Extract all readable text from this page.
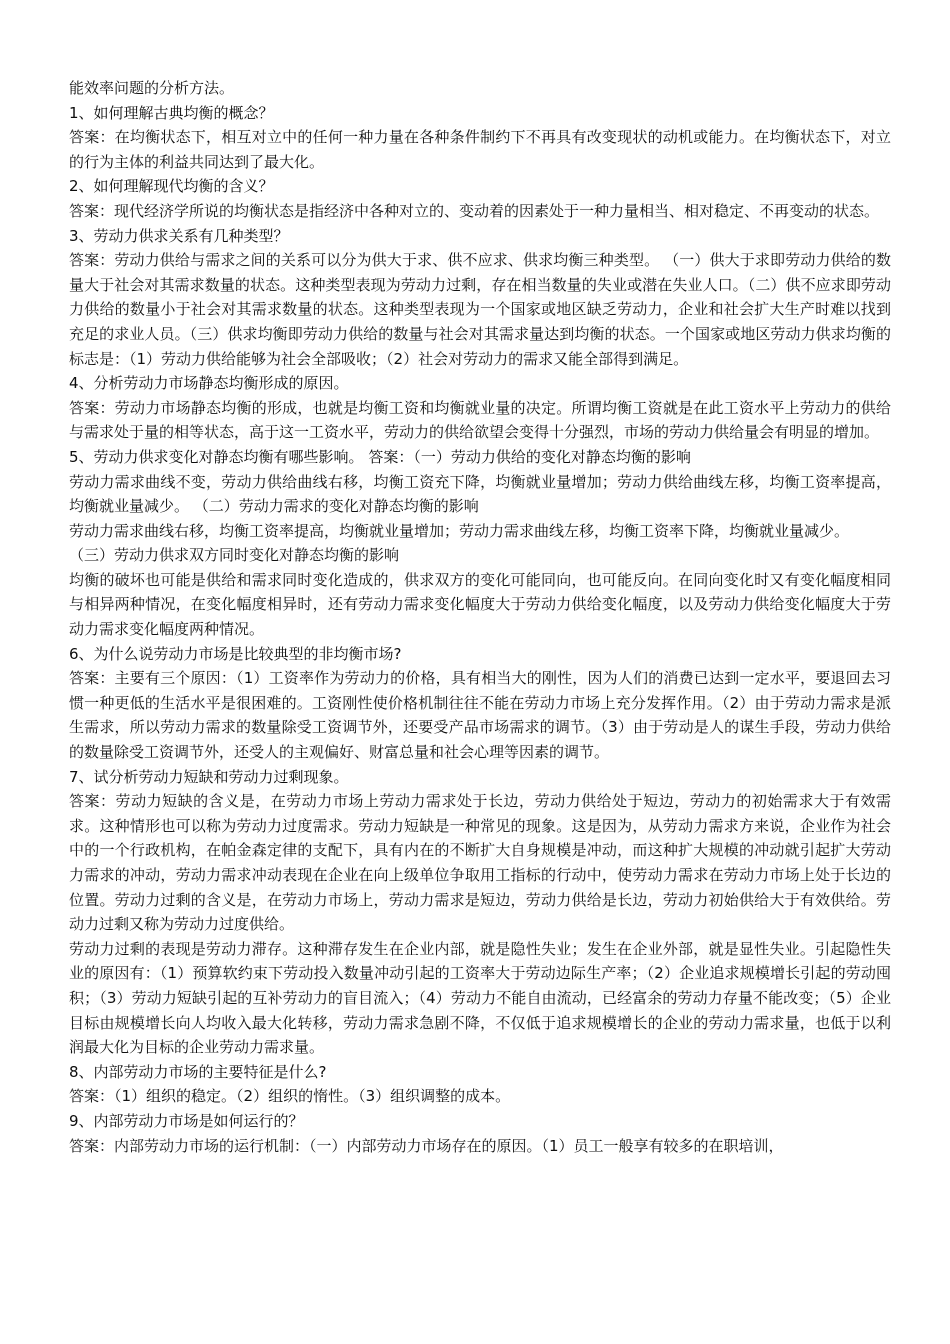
能效率问题的分析方法。

1、如何理解古典均衡的概念？

答案：在均衡状态下，相互对立中的任何一种力量在各种条件制约下不再具有改变现状的动机或能力。在均衡状态下，对立的行为主体的利益共同达到了最大化。

2、如何理解现代均衡的含义？

答案：现代经济学所说的均衡状态是指经济中各种对立的、变动着的因素处于一种力量相当、相对稳定、不再变动的状态。

3、劳动力供求关系有几种类型？

答案：劳动力供给与需求之间的关系可以分为供大于求、供不应求、供求均衡三种类型。 （一）供大于求即劳动力供给的数量大于社会对其需求数量的状态。这种类型表现为劳动力过剩，存在相当数量的失业或潜在失业人口。（二）供不应求即劳动力供给的数量小于社会对其需求数量的状态。这种类型表现为一个国家或地区缺乏劳动力，企业和社会扩大生产时难以找到充足的求业人员。（三）供求均衡即劳动力供给的数量与社会对其需求量达到均衡的状态。一个国家或地区劳动力供求均衡的标志是：（1）劳动力供给能够为社会全部吸收；（2）社会对劳动力的需求又能全部得到满足。

4、分析劳动力市场静态均衡形成的原因。

答案：劳动力市场静态均衡的形成，也就是均衡工资和均衡就业量的决定。所谓均衡工资就是在此工资水平上劳动力的供给与需求处于量的相等状态，高于这一工资水平，劳动力的供给欲望会变得十分强烈，市场的劳动力供给量会有明显的增加。

5、劳动力供求变化对静态均衡有哪些影响。 答案：（一）劳动力供给的变化对静态均衡的影响

劳动力需求曲线不变，劳动力供给曲线右移，均衡工资充下降，均衡就业量增加；劳动力供给曲线左移，均衡工资率提高，均衡就业量减少。 （二）劳动力需求的变化对静态均衡的影响

劳动力需求曲线右移，均衡工资率提高，均衡就业量增加；劳动力需求曲线左移，均衡工资率下降，均衡就业量减少。

（三）劳动力供求双方同时变化对静态均衡的影响

均衡的破坏也可能是供给和需求同时变化造成的，供求双方的变化可能同向，也可能反向。在同向变化时又有变化幅度相同与相异两种情况，在变化幅度相异时，还有劳动力需求变化幅度大于劳动力供给变化幅度，以及劳动力供给变化幅度大于劳动力需求变化幅度两种情况。

6、为什么说劳动力市场是比较典型的非均衡市场?

答案：主要有三个原因：（1）工资率作为劳动力的价格，具有相当大的刚性，因为人们的消费已达到一定水平，要退回去习惯一种更低的生活水平是很困难的。工资刚性使价格机制往往不能在劳动力市场上充分发挥作用。（2）由于劳动力需求是派生需求，所以劳动力需求的数量除受工资调节外，还要受产品市场需求的调节。（3）由于劳动是人的谋生手段，劳动力供给的数量除受工资调节外，还受人的主观偏好、财富总量和社会心理等因素的调节。

7、试分析劳动力短缺和劳动力过剩现象。

答案：劳动力短缺的含义是，在劳动力市场上劳动力需求处于长边，劳动力供给处于短边，劳动力的初始需求大于有效需求。这种情形也可以称为劳动力过度需求。劳动力短缺是一种常见的现象。这是因为，从劳动力需求方来说，企业作为社会中的一个行政机构，在帕金森定律的支配下，具有内在的不断扩大自身规模是冲动，而这种扩大规模的冲动就引起扩大劳动力需求的冲动，劳动力需求冲动表现在企业在向上级单位争取用工指标的行动中，使劳动力需求在劳动力市场上处于长边的位置。劳动力过剩的含义是，在劳动力市场上，劳动力需求是短边，劳动力供给是长边，劳动力初始供给大于有效供给。劳动力过剩又称为劳动力过度供给。

劳动力过剩的表现是劳动力滞存。这种滞存发生在企业内部，就是隐性失业；发生在企业外部，就是显性失业。引起隐性失业的原因有：（1）预算软约束下劳动投入数量冲动引起的工资率大于劳动边际生产率；（2）企业追求规模增长引起的劳动囤积；（3）劳动力短缺引起的互补劳动力的盲目流入；（4）劳动力不能自由流动，已经富余的劳动力存量不能改变；（5）企业目标由规模增长向人均收入最大化转移，劳动力需求急剧不降，不仅低于追求规模增长的企业的劳动力需求量，也低于以利润最大化为目标的企业劳动力需求量。

8、内部劳动力市场的主要特征是什么?

答案：（1）组织的稳定。（2）组织的惰性。（3）组织调整的成本。

9、内部劳动力市场是如何运行的？

答案：内部劳动力市场的运行机制：（一）内部劳动力市场存在的原因。（1）员工一般享有较多的在职培训，
